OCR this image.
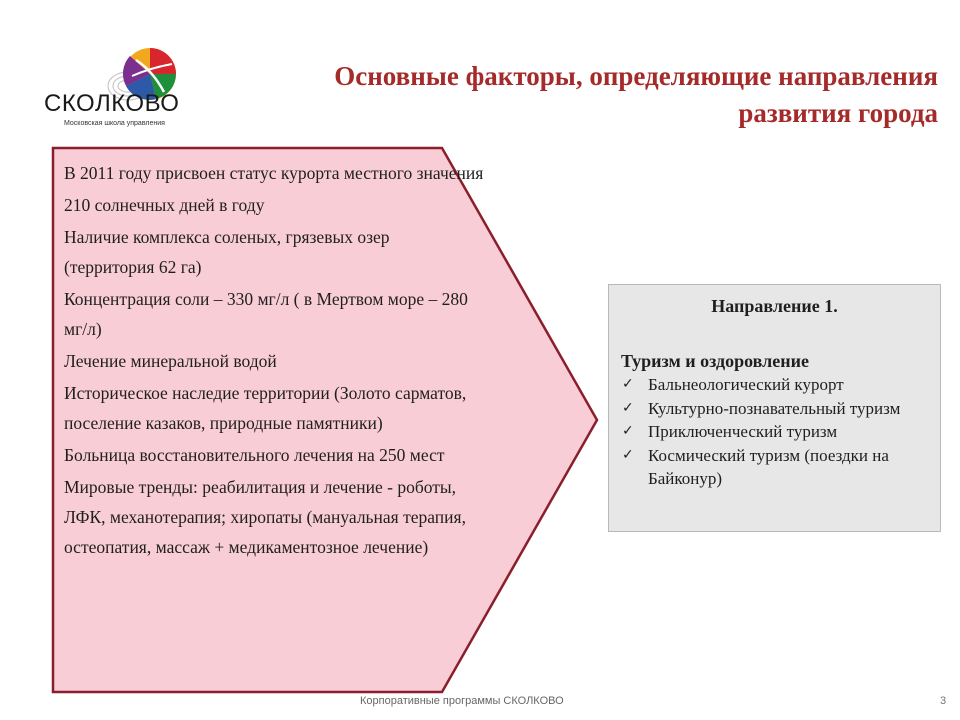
СКОЛКОВО
Московская школа управления
Основные факторы, определяющие направления
развития города
В 2011 году присвоен статус курорта местного значения
210 солнечных дней в году
Наличие комплекса соленых, грязевых озер (территория 62 га)
Концентрация соли – 330 мг/л ( в Мертвом море – 280 мг/л)
Лечение минеральной водой
Историческое наследие территории (Золото сарматов, поселение казаков, природные памятники)
Больница восстановительного лечения на 250 мест
Мировые тренды: реабилитация и лечение - роботы, ЛФК, механотерапия; хиропаты (мануальная терапия, остеопатия, массаж + медикаментозное лечение)

Направление 1.

Туризм и оздоровление

✓ Бальнеологический курорт
✓ Культурно-познавательный туризм
✓ Приключенческий туризм
✓ Космический туризм (поездки на Байконур)
Корпоративные программы СКОЛКОВО	3
